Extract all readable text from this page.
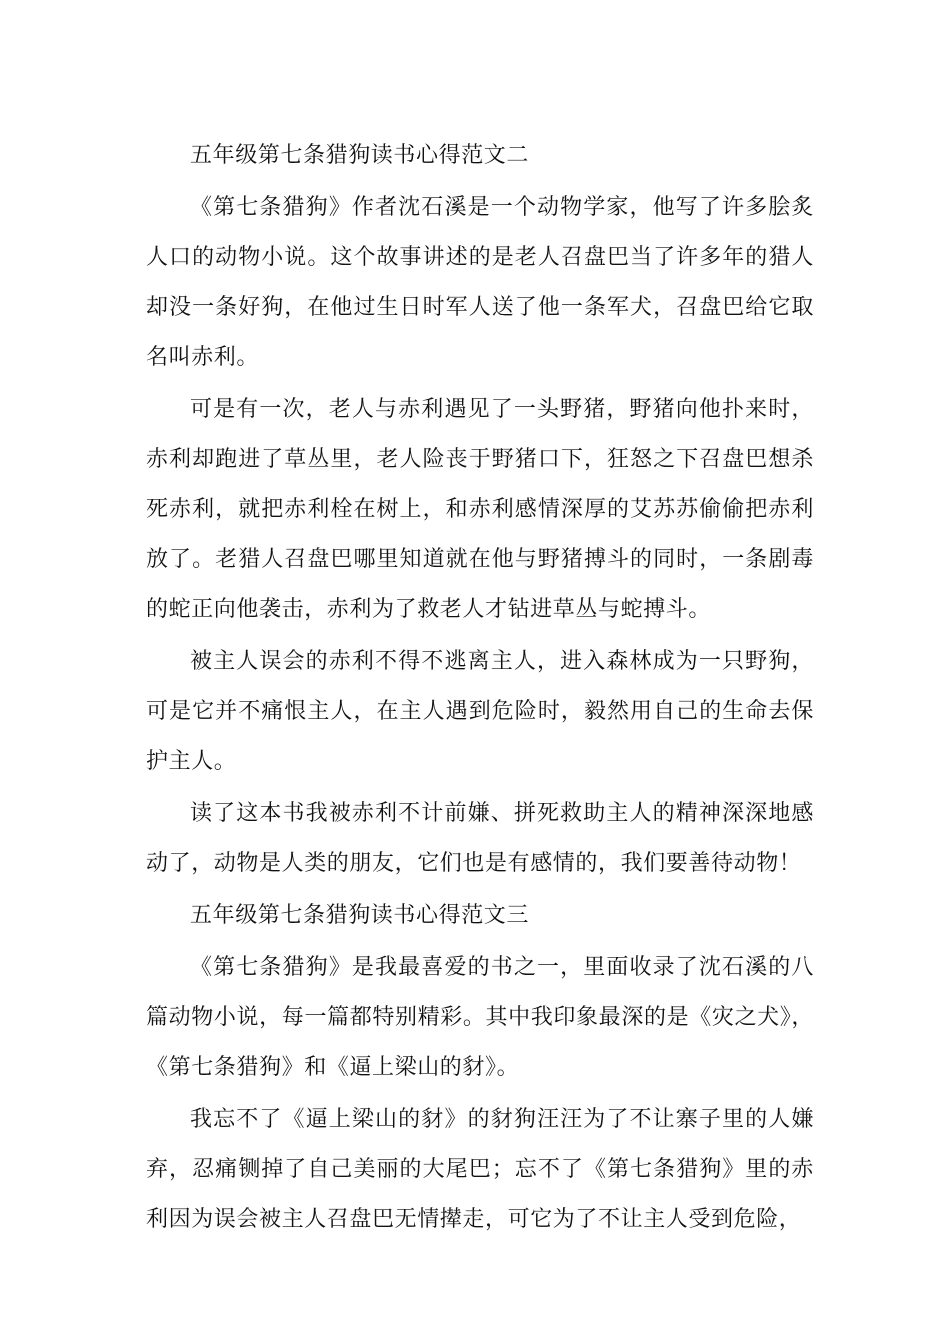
五年级第七条猎狗读书心得范文二

《第七条猎狗》作者沈石溪是一个动物学家，他写了许多脍炙人口的动物小说。这个故事讲述的是老人召盘巴当了许多年的猎人却没一条好狗，在他过生日时军人送了他一条军犬，召盘巴给它取名叫赤利。

可是有一次，老人与赤利遇见了一头野猪，野猪向他扑来时，赤利却跑进了草丛里，老人险丧于野猪口下，狂怒之下召盘巴想杀死赤利，就把赤利栓在树上，和赤利感情深厚的艾苏苏偷偷把赤利放了。老猎人召盘巴哪里知道就在他与野猪搏斗的同时，一条剧毒的蛇正向他袭击，赤利为了救老人才钻进草丛与蛇搏斗。

被主人误会的赤利不得不逃离主人，进入森林成为一只野狗，可是它并不痛恨主人，在主人遇到危险时，毅然用自己的生命去保护主人。

读了这本书我被赤利不计前嫌、拼死救助主人的精神深深地感动了，动物是人类的朋友，它们也是有感情的，我们要善待动物！

五年级第七条猎狗读书心得范文三

《第七条猎狗》是我最喜爱的书之一，里面收录了沈石溪的八篇动物小说，每一篇都特别精彩。其中我印象最深的是《灾之犬》，《第七条猎狗》和《逼上梁山的豺》。

我忘不了《逼上梁山的豺》的豺狗汪汪为了不让寨子里的人嫌弃，忍痛铡掉了自己美丽的大尾巴；忘不了《第七条猎狗》里的赤利因为误会被主人召盘巴无情撵走，可它为了不让主人受到危险，
